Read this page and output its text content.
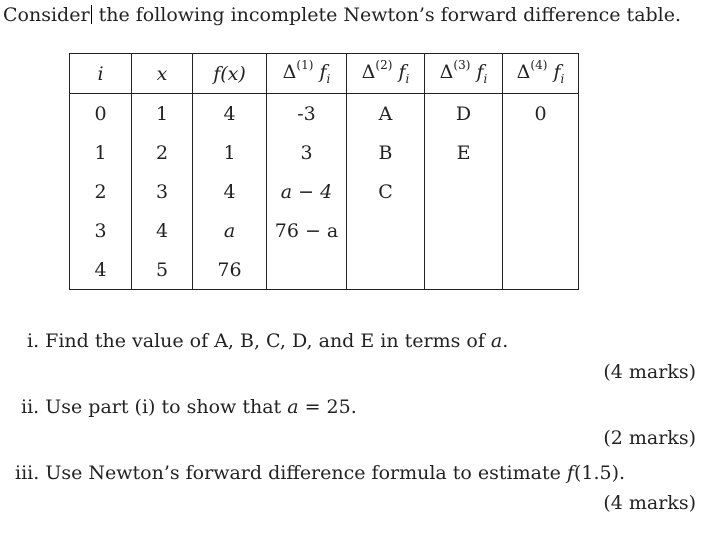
Consider the following incomplete Newton’s forward difference table.
i	x	f(x)	$\Delta^{(1)}$ $f_i$	$\Delta^{(2)}$ $f_i$	$\Delta^{(3)}$ $f_i$	$\Delta^{(4)}$ $f_i$
0	1	4	-3	A	D	0
1	2	1	3	B	E	
2	3	4	a − 4	C		
3	4	a	76 − a			
4	5	76				
i. Find the value of A, B, C, D, and E in terms of a.
(4 marks)
ii. Use part (i) to show that a = 25.
(2 marks)
iii. Use Newton’s forward difference formula to estimate f(1.5).
(4 marks)
